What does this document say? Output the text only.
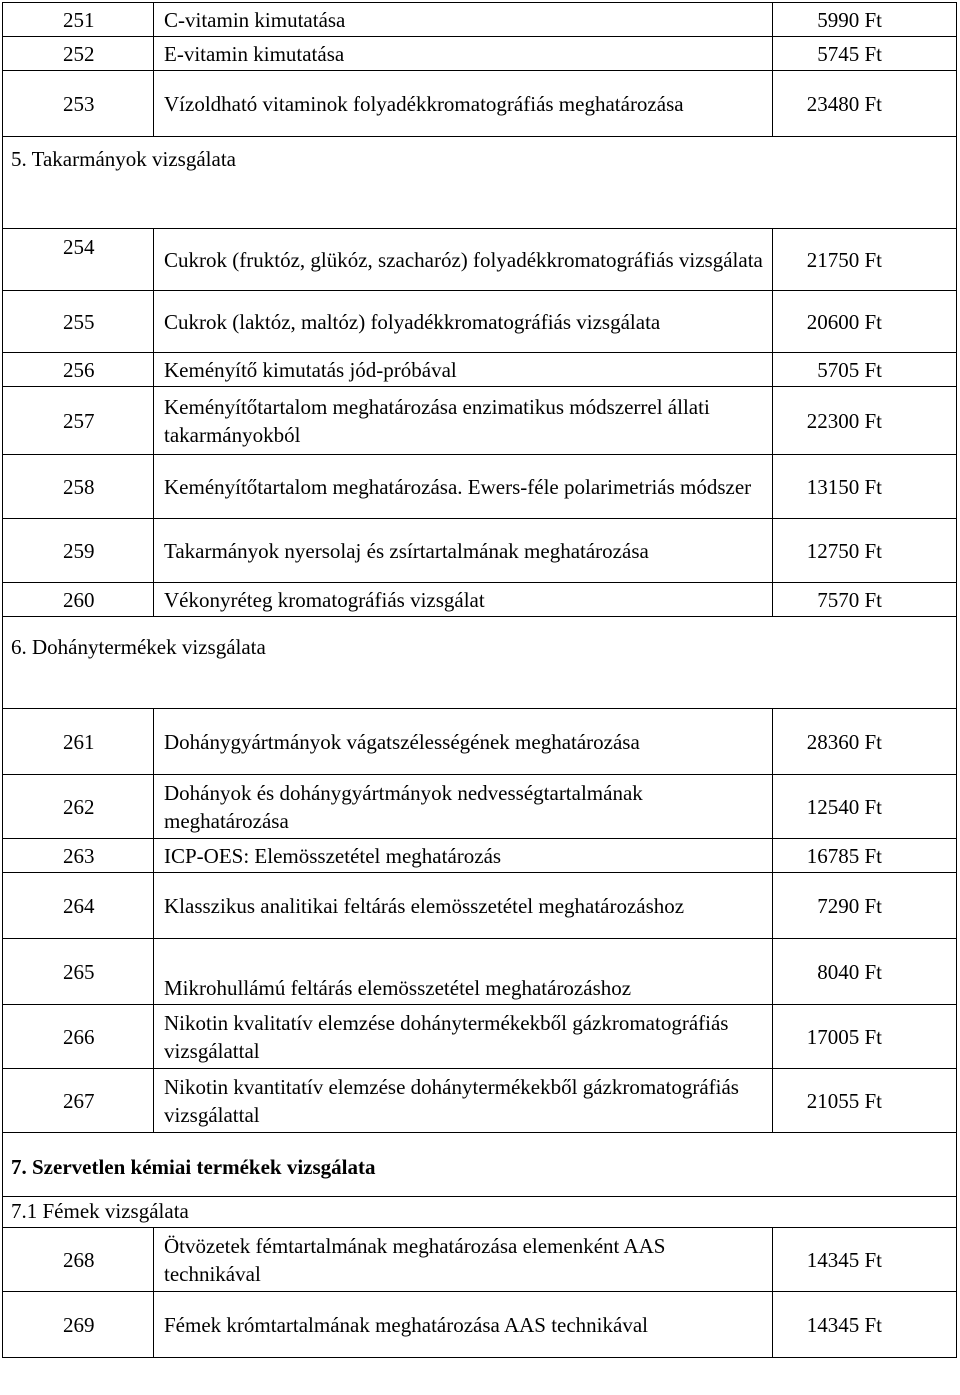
251	C-vitamin kimutatása	5990 Ft
252	E-vitamin kimutatása	5745 Ft
253	Vízoldható vitaminok folyadékkromatográfiás meghatározása	23480 Ft
5. Takarmányok vizsgálata		
254	Cukrok (fruktóz, glükóz, szacharóz) folyadékkromatográfiás vizsgálata	21750 Ft
255	Cukrok (laktóz, maltóz) folyadékkromatográfiás vizsgálata	20600 Ft
256	Keményítő kimutatás jód-próbával	5705 Ft
257	Keményítőtartalom meghatározása enzimatikus módszerrel állati takarmányokból	22300 Ft
258	Keményítőtartalom meghatározása. Ewers-féle polarimetriás módszer	13150 Ft
259	Takarmányok nyersolaj és zsírtartalmának meghatározása	12750 Ft
260	Vékonyréteg kromatográfiás vizsgálat	7570 Ft
6. Dohánytermékek vizsgálata		
261	Dohánygyártmányok vágatszélességének meghatározása	28360 Ft
262	Dohányok és dohánygyártmányok nedvességtartalmának meghatározása	12540 Ft
263	ICP-OES: Elemösszetétel meghatározás	16785 Ft
264	Klasszikus analitikai feltárás elemösszetétel meghatározáshoz	7290 Ft
265	Mikrohullámú feltárás elemösszetétel meghatározáshoz	8040 Ft
266	Nikotin kvalitatív elemzése dohánytermékekből gázkromatográfiás vizsgálattal	17005 Ft
267	Nikotin kvantitatív elemzése dohánytermékekből gázkromatográfiás vizsgálattal	21055 Ft
7. Szervetlen kémiai termékek vizsgálata		
7.1 Fémek vizsgálata		
268	Ötvözetek fémtartalmának meghatározása elemenként AAS technikával	14345 Ft
269	Fémek krómtartalmának meghatározása AAS technikával	14345 Ft
